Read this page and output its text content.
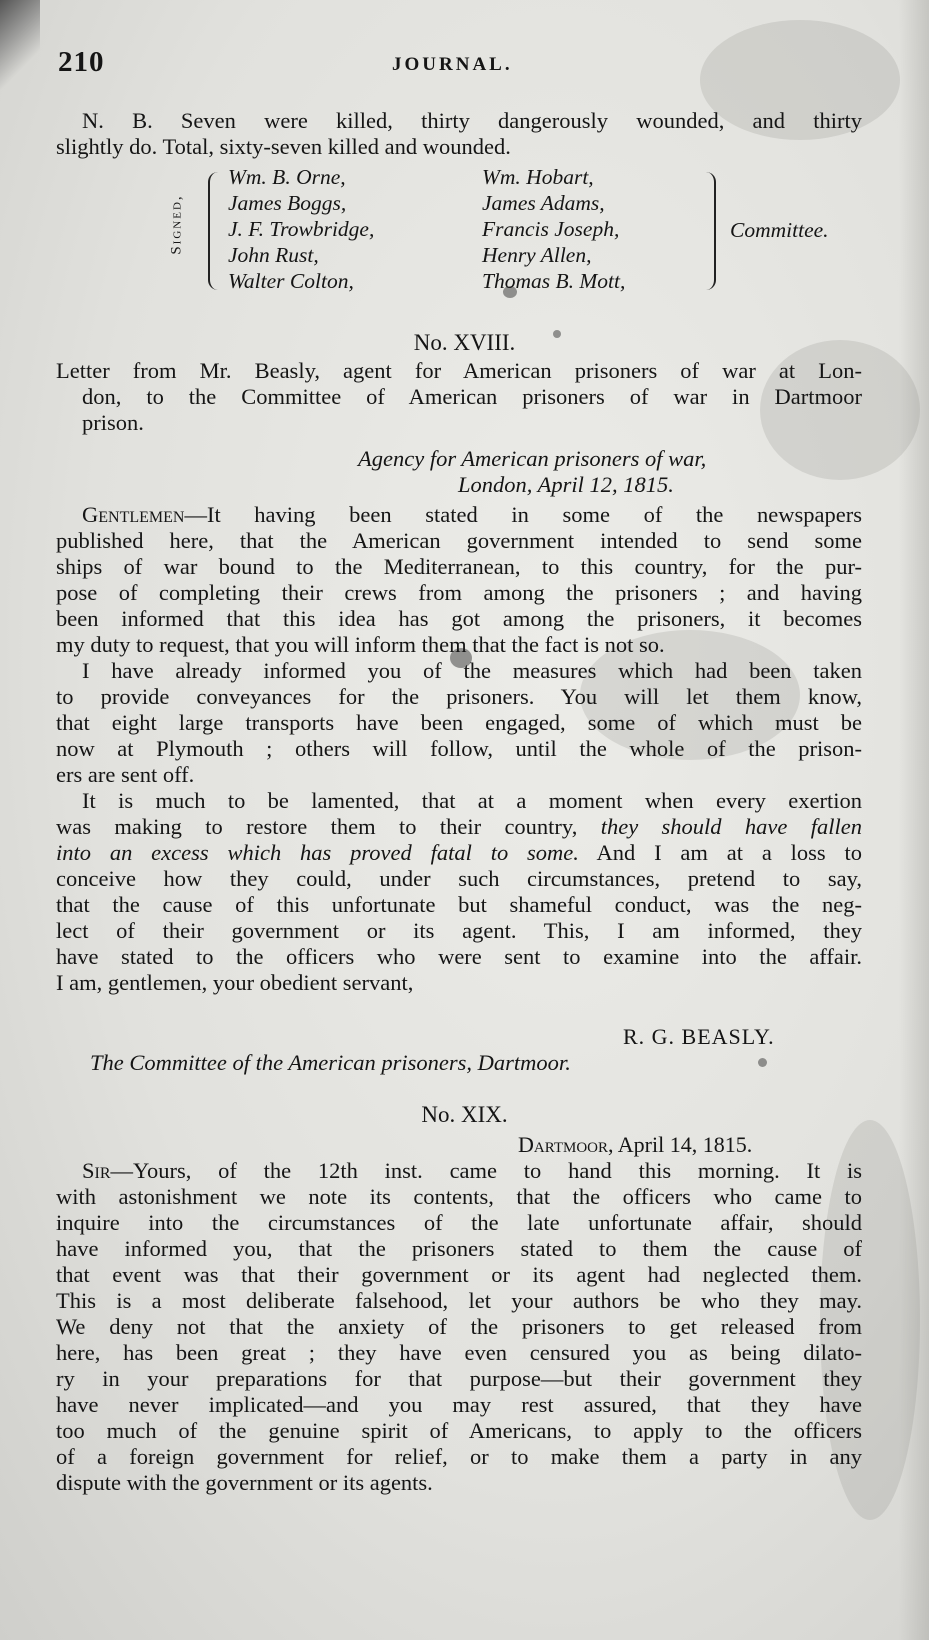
210	JOURNAL.
N. B. Seven were killed, thirty dangerously wounded, and thirty
slightly do. Total, sixty-seven killed and wounded.
Signed,
Wm. B. Orne,
James Boggs,
J. F. Trowbridge,
John Rust,
Walter Colton,
Wm. Hobart,
James Adams,
Francis Joseph,
Henry Allen,
Thomas B. Mott,
Committee.
No. XVIII.
Letter from Mr. Beasly, agent for American prisoners of war at Lon-
don, to the Committee of American prisoners of war in Dartmoor
prison.
Agency for American prisoners of war,
London, April 12, 1815.
Gentlemen—It having been stated in some of the newspapers
published here, that the American government intended to send some
ships of war bound to the Mediterranean, to this country, for the pur-
pose of completing their crews from among the prisoners ; and having
been informed that this idea has got among the prisoners, it becomes
my duty to request, that you will inform them that the fact is not so.
I have already informed you of the measures which had been taken
to provide conveyances for the prisoners. You will let them know,
that eight large transports have been engaged, some of which must be
now at Plymouth ; others will follow, until the whole of the prison-
ers are sent off.
It is much to be lamented, that at a moment when every exertion
was making to restore them to their country, they should have fallen
into an excess which has proved fatal to some. And I am at a loss to
conceive how they could, under such circumstances, pretend to say,
that the cause of this unfortunate but shameful conduct, was the neg-
lect of their government or its agent. This, I am informed, they
have stated to the officers who were sent to examine into the affair.
I am, gentlemen, your obedient servant,
R. G. BEASLY.
The Committee of the American prisoners, Dartmoor.
No. XIX.
Dartmoor, April 14, 1815.
Sir—Yours, of the 12th inst. came to hand this morning. It is
with astonishment we note its contents, that the officers who came to
inquire into the circumstances of the late unfortunate affair, should
have informed you, that the prisoners stated to them the cause of
that event was that their government or its agent had neglected them.
This is a most deliberate falsehood, let your authors be who they may.
We deny not that the anxiety of the prisoners to get released from
here, has been great ; they have even censured you as being dilato-
ry in your preparations for that purpose—but their government they
have never implicated—and you may rest assured, that they have
too much of the genuine spirit of Americans, to apply to the officers
of a foreign government for relief, or to make them a party in any
dispute with the government or its agents.
